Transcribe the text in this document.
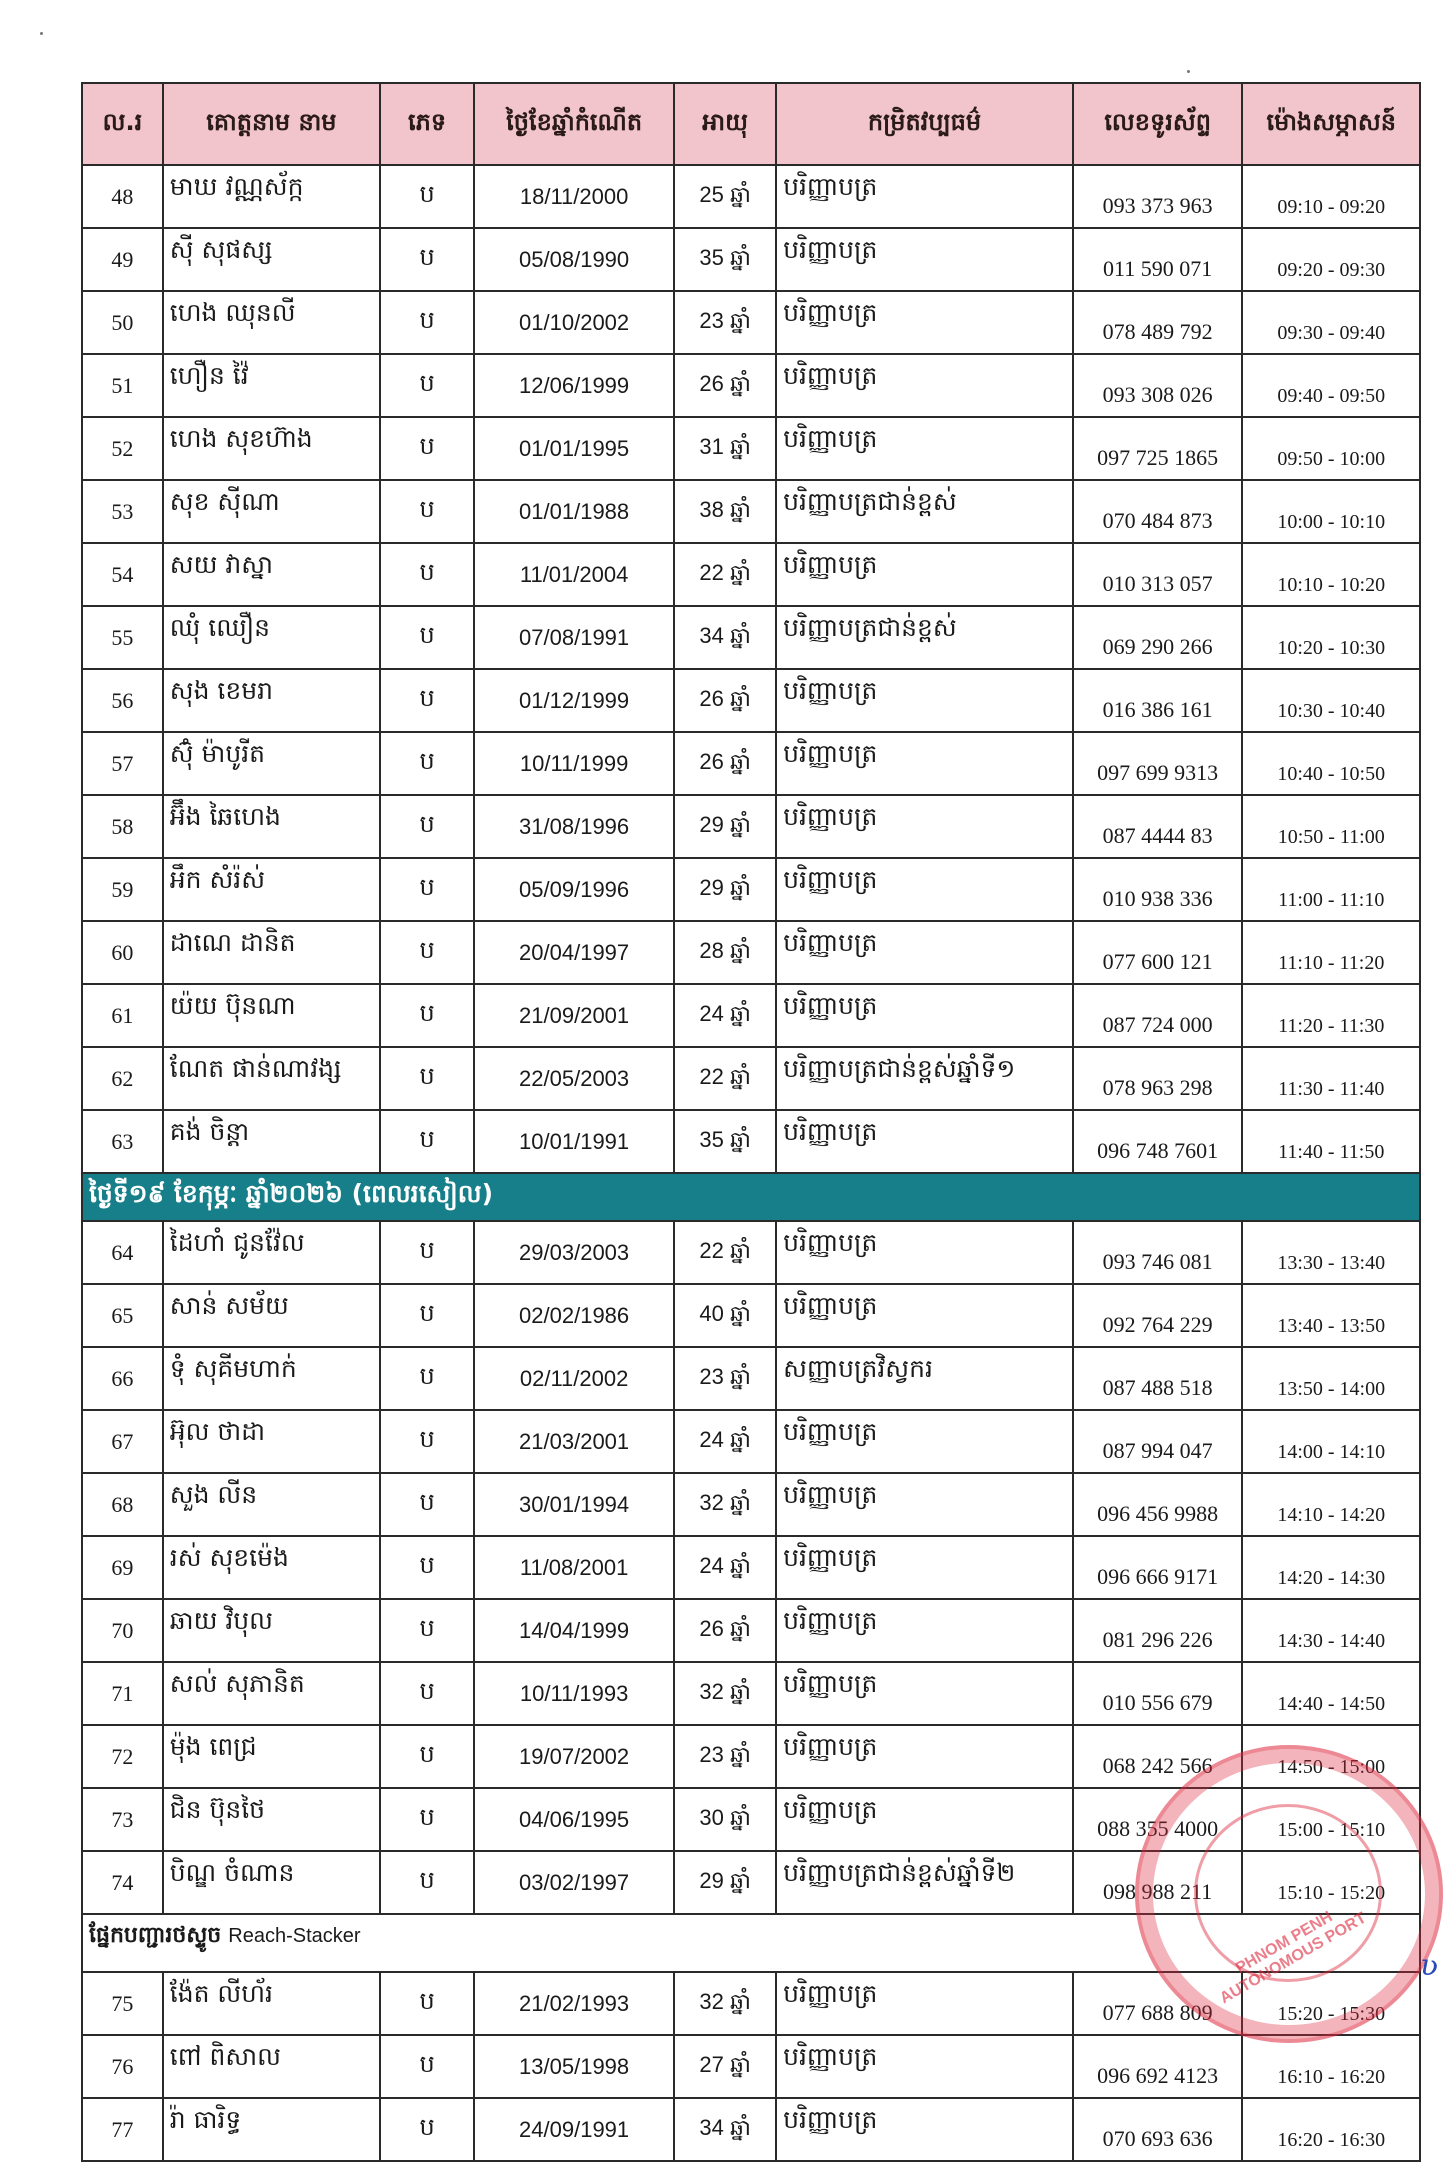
ល.រ	គោត្តនាម នាម	ភេទ	ថ្ងៃខែឆ្នាំកំណើត	អាយុ	កម្រិតវប្បធម៌	លេខទូរស័ព្ទ	ម៉ោងសម្ភាសន៍
48	មាឃ វណ្ណស័ក្ក	ប	18/11/2000	25 ឆ្នាំ	បរិញ្ញាបត្រ	093 373 963	09:10 - 09:20
49	ស៊ី សុផស្ស	ប	05/08/1990	35 ឆ្នាំ	បរិញ្ញាបត្រ	011 590 071	09:20 - 09:30
50	ហេង ឈុនលី	ប	01/10/2002	23 ឆ្នាំ	បរិញ្ញាបត្រ	078 489 792	09:30 - 09:40
51	ហឿន វ៉ៃ	ប	12/06/1999	26 ឆ្នាំ	បរិញ្ញាបត្រ	093 308 026	09:40 - 09:50
52	ហេង សុខហ៊ាង	ប	01/01/1995	31 ឆ្នាំ	បរិញ្ញាបត្រ	097 725 1865	09:50 - 10:00
53	សុខ ស៊ីណា	ប	01/01/1988	38 ឆ្នាំ	បរិញ្ញាបត្រជាន់ខ្ពស់	070 484 873	10:00 - 10:10
54	សយ វាស្នា	ប	11/01/2004	22 ឆ្នាំ	បរិញ្ញាបត្រ	010 313 057	10:10 - 10:20
55	ឈុំ ឈឿន	ប	07/08/1991	34 ឆ្នាំ	បរិញ្ញាបត្រជាន់ខ្ពស់	069 290 266	10:20 - 10:30
56	សុង ខេមរា	ប	01/12/1999	26 ឆ្នាំ	បរិញ្ញាបត្រ	016 386 161	10:30 - 10:40
57	ស៊ុំ ម៉ាបូរីត	ប	10/11/1999	26 ឆ្នាំ	បរិញ្ញាបត្រ	097 699 9313	10:40 - 10:50
58	អ៊ឹង ឆៃហេង	ប	31/08/1996	29 ឆ្នាំ	បរិញ្ញាបត្រ	087 4444 83	10:50 - 11:00
59	អឹក សំរ៉ស់	ប	05/09/1996	29 ឆ្នាំ	បរិញ្ញាបត្រ	010 938 336	11:00 - 11:10
60	ដាណេ ដានិត	ប	20/04/1997	28 ឆ្នាំ	បរិញ្ញាបត្រ	077 600 121	11:10 - 11:20
61	យ៉យ ប៊ុនណា	ប	21/09/2001	24 ឆ្នាំ	បរិញ្ញាបត្រ	087 724 000	11:20 - 11:30
62	ណែត ផាន់ណាវង្ស	ប	22/05/2003	22 ឆ្នាំ	បរិញ្ញាបត្រជាន់ខ្ពស់ឆ្នាំទី១	078 963 298	11:30 - 11:40
63	គង់ ចិន្ដា	ប	10/01/1991	35 ឆ្នាំ	បរិញ្ញាបត្រ	096 748 7601	11:40 - 11:50
ថ្ងៃទី១៩ ខែកុម្ភៈ ឆ្នាំ២០២៦ (ពេលរសៀល)							
64	ដៃហាំ ជូនវ៉ែល	ប	29/03/2003	22 ឆ្នាំ	បរិញ្ញាបត្រ	093 746 081	13:30 - 13:40
65	សាន់ សម័យ	ប	02/02/1986	40 ឆ្នាំ	បរិញ្ញាបត្រ	092 764 229	13:40 - 13:50
66	ទុំ សុគីមហាក់	ប	02/11/2002	23 ឆ្នាំ	សញ្ញាបត្រវិស្វករ	087 488 518	13:50 - 14:00
67	អ៊ុល ថាដា	ប	21/03/2001	24 ឆ្នាំ	បរិញ្ញាបត្រ	087 994 047	14:00 - 14:10
68	សួង លីន	ប	30/01/1994	32 ឆ្នាំ	បរិញ្ញាបត្រ	096 456 9988	14:10 - 14:20
69	រស់ សុខម៉េង	ប	11/08/2001	24 ឆ្នាំ	បរិញ្ញាបត្រ	096 666 9171	14:20 - 14:30
70	ឆាយ វិបុល	ប	14/04/1999	26 ឆ្នាំ	បរិញ្ញាបត្រ	081 296 226	14:30 - 14:40
71	សល់ សុភានិត	ប	10/11/1993	32 ឆ្នាំ	បរិញ្ញាបត្រ	010 556 679	14:40 - 14:50
72	ម៉ុង ពេជ្រ	ប	19/07/2002	23 ឆ្នាំ	បរិញ្ញាបត្រ	068 242 566	14:50 - 15:00
73	ជិន ប៊ុនថៃ	ប	04/06/1995	30 ឆ្នាំ	បរិញ្ញាបត្រ	088 355 4000	15:00 - 15:10
74	បិណ្ឌ ចំណាន	ប	03/02/1997	29 ឆ្នាំ	បរិញ្ញាបត្រជាន់ខ្ពស់ឆ្នាំទី២	098 988 211	15:10 - 15:20
ផ្នែកបញ្ជារថស្ទូច Reach-Stacker							
75	ង៉ែត លីហ័រ	ប	21/02/1993	32 ឆ្នាំ	បរិញ្ញាបត្រ	077 688 809	15:20 - 15:30
76	ពៅ ពិសាល	ប	13/05/1998	27 ឆ្នាំ	បរិញ្ញាបត្រ	096 692 4123	16:10 - 16:20
77	រ៉ា ធារិទ្ធ	ប	24/09/1991	34 ឆ្នាំ	បរិញ្ញាបត្រ	070 693 636	16:20 - 16:30
PHNOM PENH AUTONOMOUS PORT ʋ
